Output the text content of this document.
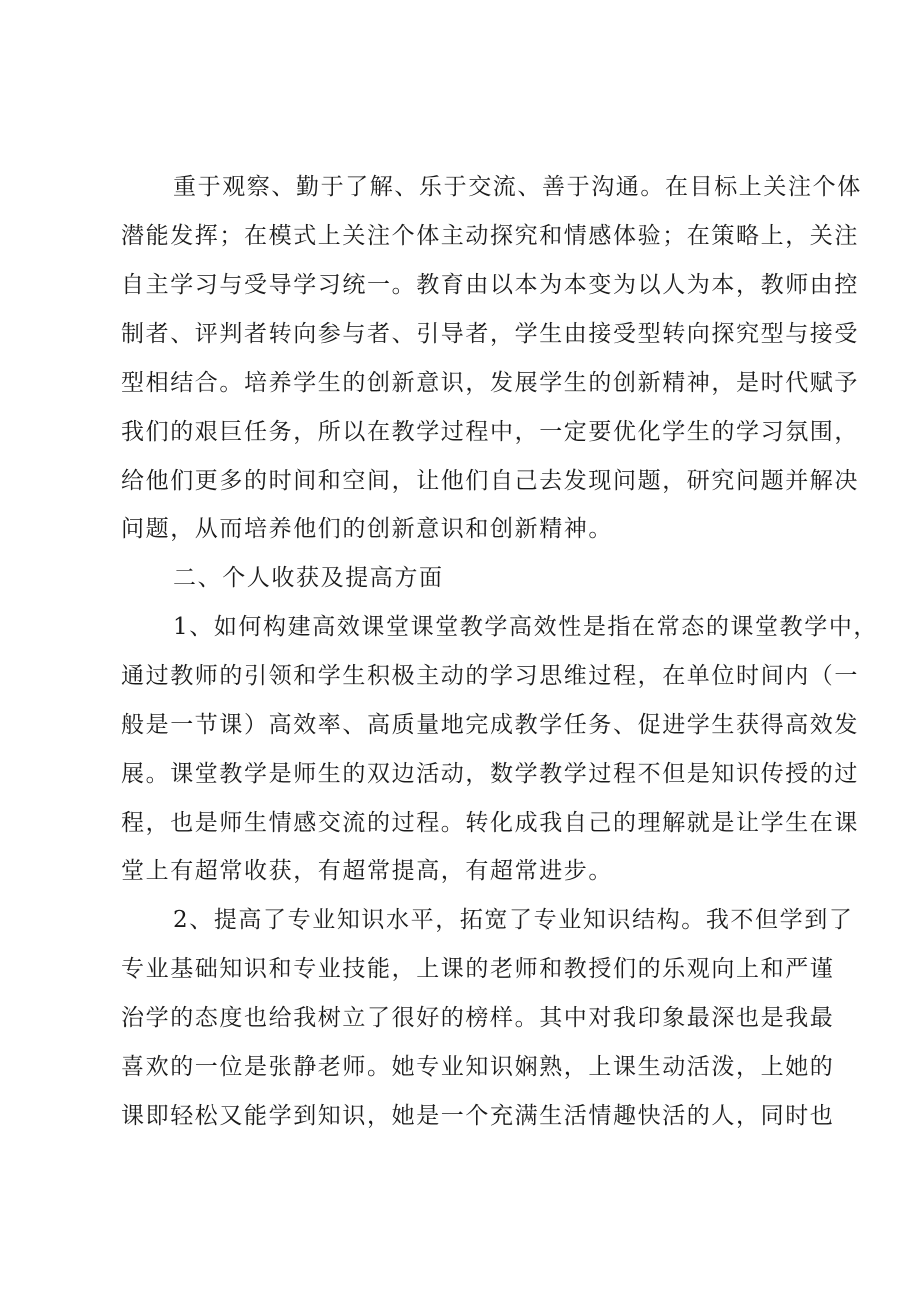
重于观察、勤于了解、乐于交流、善于沟通。在目标上关注个体
潜能发挥；在模式上关注个体主动探究和情感体验；在策略上，关注
自主学习与受导学习统一。教育由以本为本变为以人为本，教师由控
制者、评判者转向参与者、引导者，学生由接受型转向探究型与接受
型相结合。培养学生的创新意识，发展学生的创新精神，是时代赋予
我们的艰巨任务，所以在教学过程中，一定要优化学生的学习氛围，
给他们更多的时间和空间，让他们自己去发现问题，研究问题并解决
问题，从而培养他们的创新意识和创新精神。
二、个人收获及提高方面
1、如何构建高效课堂课堂教学高效性是指在常态的课堂教学中，
通过教师的引领和学生积极主动的学习思维过程，在单位时间内（一
般是一节课）高效率、高质量地完成教学任务、促进学生获得高效发
展。课堂教学是师生的双边活动，数学教学过程不但是知识传授的过
程，也是师生情感交流的过程。转化成我自己的理解就是让学生在课
堂上有超常收获，有超常提高，有超常进步。
2、提高了专业知识水平，拓宽了专业知识结构。我不但学到了
专业基础知识和专业技能，上课的老师和教授们的乐观向上和严谨
治学的态度也给我树立了很好的榜样。其中对我印象最深也是我最
喜欢的一位是张静老师。她专业知识娴熟，上课生动活泼，上她的
课即轻松又能学到知识，她是一个充满生活情趣快活的人，同时也
